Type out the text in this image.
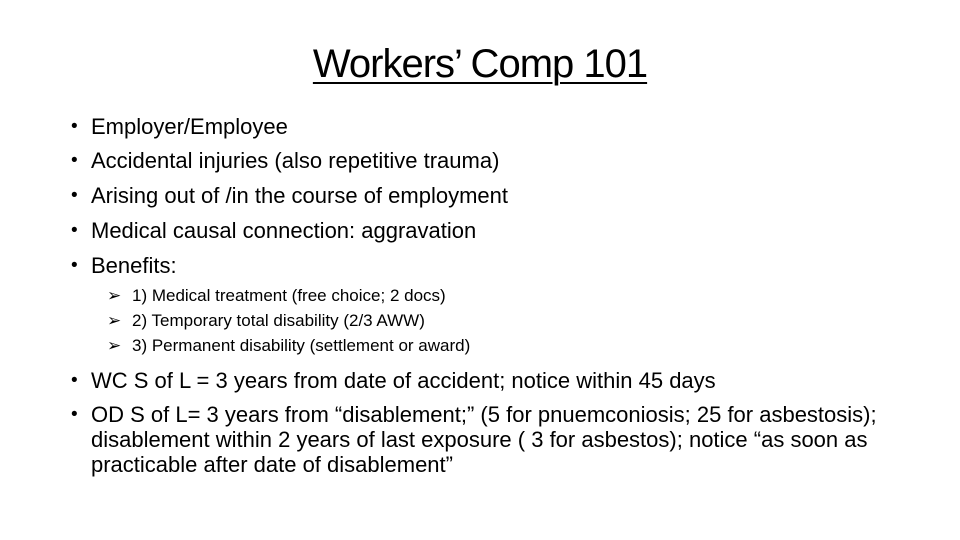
Workers’ Comp 101
• Employer/Employee
• Accidental injuries (also repetitive trauma)
• Arising out of /in the course of employment
• Medical causal connection: aggravation
• Benefits:
➢ 1) Medical treatment (free choice; 2 docs)
➢ 2) Temporary total disability (2/3 AWW)
➢ 3) Permanent disability (settlement or award)
• WC S of L = 3 years from date of accident; notice within 45 days
• OD S of L= 3 years from “disablement;” (5 for pnuemconiosis; 25 for asbestosis); disablement within 2 years of last exposure ( 3 for asbestos); notice “as soon as practicable after date of disablement”
